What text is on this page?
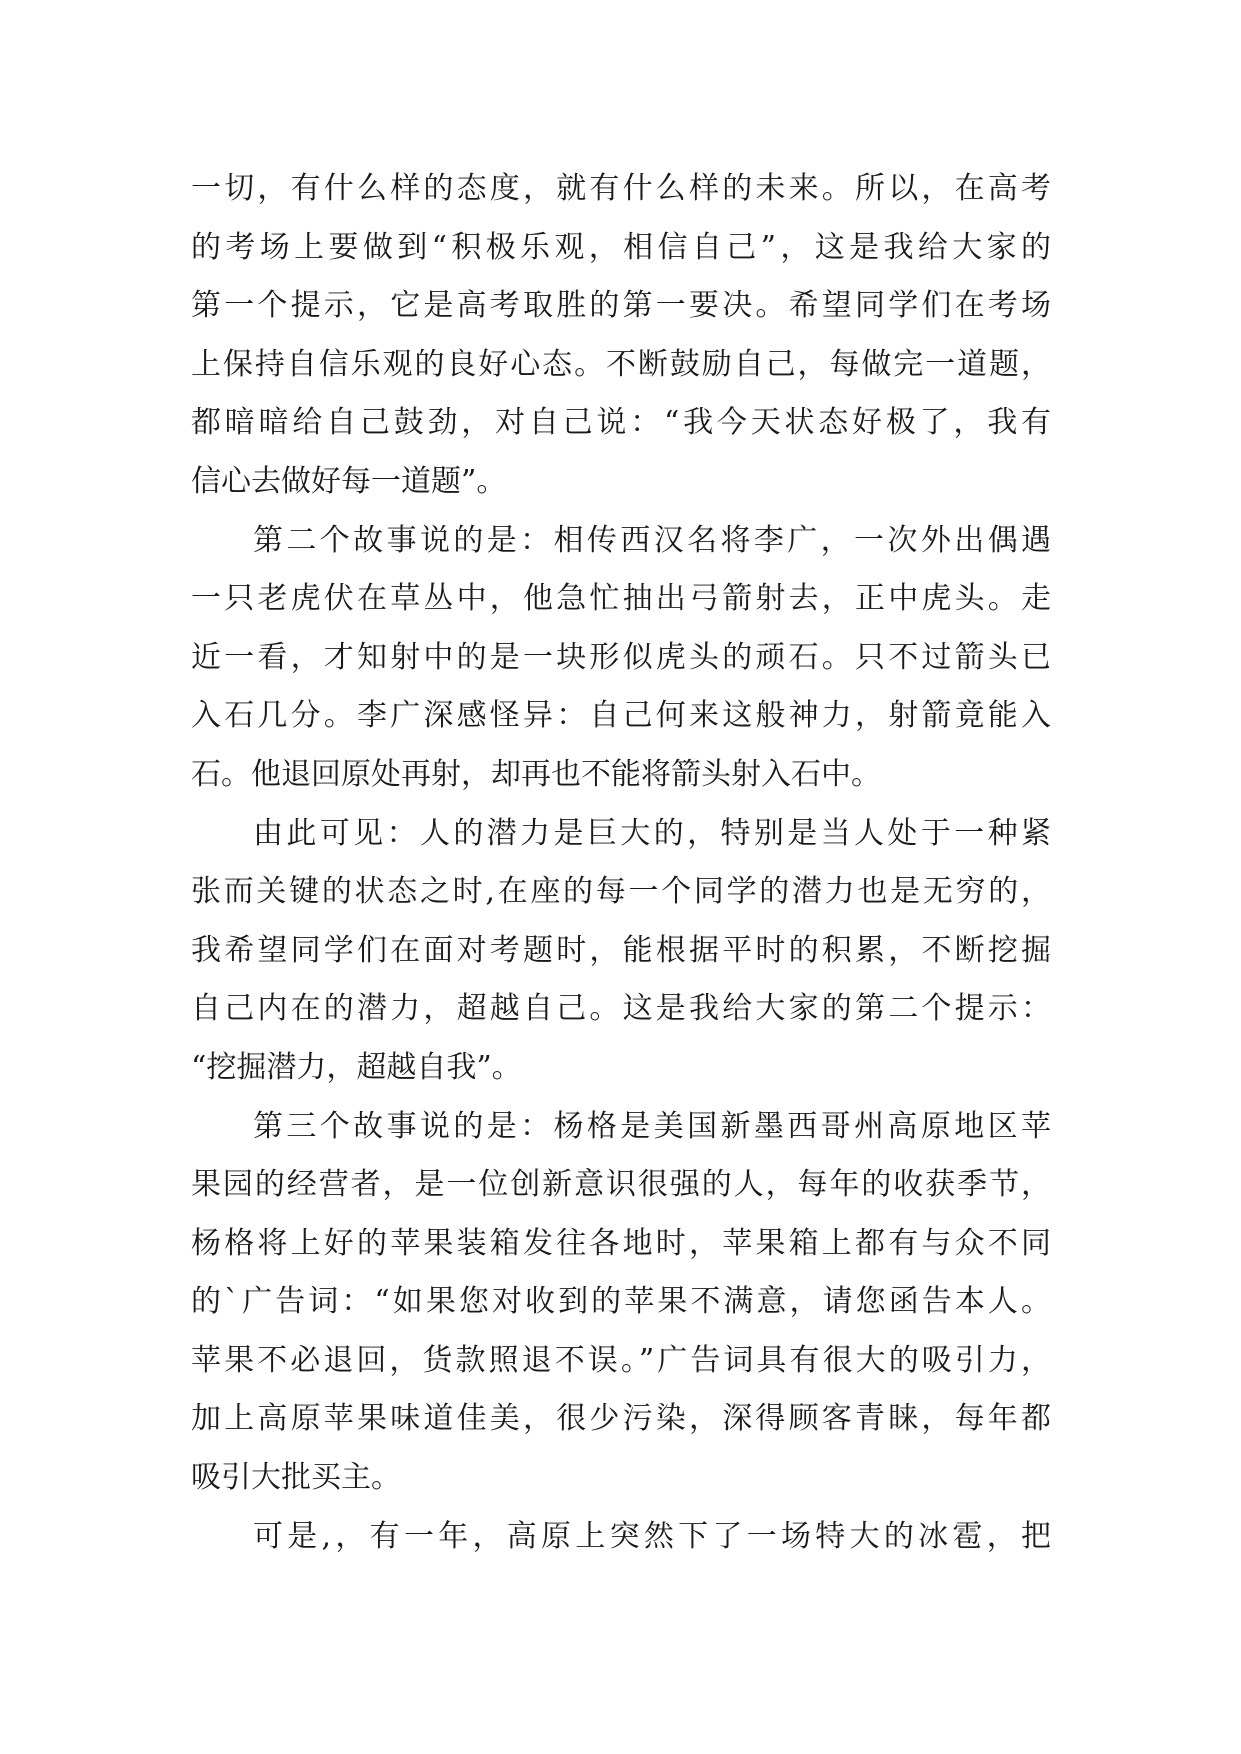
一切，有什么样的态度，就有什么样的未来。所以，在高考
的考场上要做到“积极乐观，相信自己”，这是我给大家的
第一个提示，它是高考取胜的第一要决。希望同学们在考场
上保持自信乐观的良好心态。不断鼓励自己，每做完一道题，
都暗暗给自己鼓劲，对自己说：“我今天状态好极了，我有
信心去做好每一道题”。
第二个故事说的是：相传西汉名将李广，一次外出偶遇
一只老虎伏在草丛中，他急忙抽出弓箭射去，正中虎头。走
近一看，才知射中的是一块形似虎头的顽石。只不过箭头已
入石几分。李广深感怪异：自己何来这般神力，射箭竟能入
石。他退回原处再射，却再也不能将箭头射入石中。
由此可见：人的潜力是巨大的，特别是当人处于一种紧
张而关键的状态之时,在座的每一个同学的潜力也是无穷的，
我希望同学们在面对考题时，能根据平时的积累，不断挖掘
自己内在的潜力，超越自己。这是我给大家的第二个提示：
“挖掘潜力，超越自我”。
第三个故事说的是：杨格是美国新墨西哥州高原地区苹
果园的经营者，是一位创新意识很强的人，每年的收获季节，
杨格将上好的苹果装箱发往各地时，苹果箱上都有与众不同
的`广告词：“如果您对收到的苹果不满意，请您函告本人。
苹果不必退回，货款照退不误。”广告词具有很大的吸引力，
加上高原苹果味道佳美，很少污染，深得顾客青睐，每年都
吸引大批买主。
可是,，有一年，高原上突然下了一场特大的冰雹，把
